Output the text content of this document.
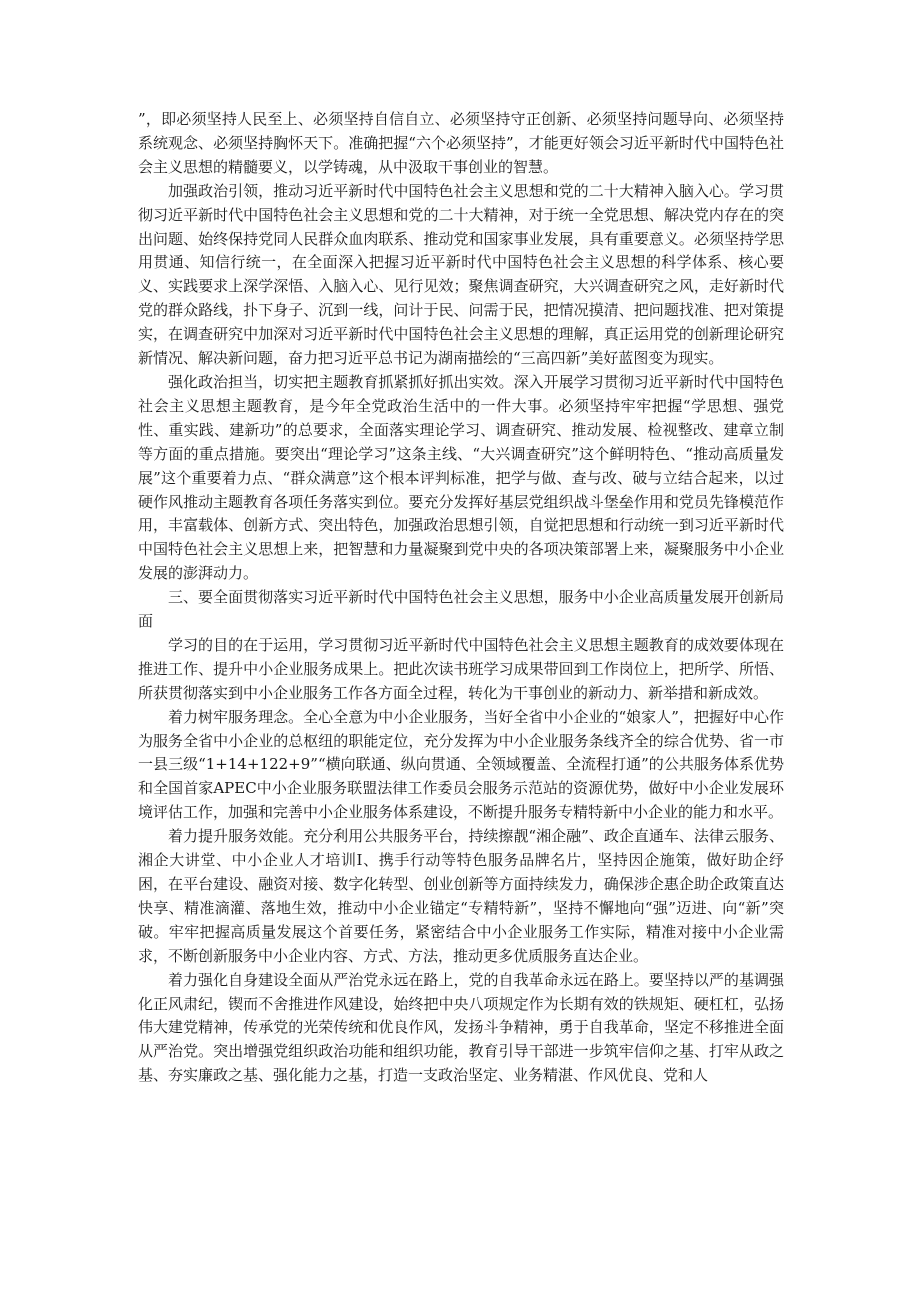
”，即必须坚持人民至上、必须坚持自信自立、必须坚持守正创新、必须坚持问题导向、必须坚持系统观念、必须坚持胸怀天下。准确把握“六个必须坚持”，才能更好领会习近平新时代中国特色社会主义思想的精髓要义，以学铸魂，从中汲取干事创业的智慧。

加强政治引领，推动习近平新时代中国特色社会主义思想和党的二十大精神入脑入心。学习贯彻习近平新时代中国特色社会主义思想和党的二十大精神，对于统一全党思想、解决党内存在的突出问题、始终保持党同人民群众血肉联系、推动党和国家事业发展，具有重要意义。必须坚持学思用贯通、知信行统一，在全面深入把握习近平新时代中国特色社会主义思想的科学体系、核心要义、实践要求上深学深悟、入脑入心、见行见效；聚焦调查研究，大兴调查研究之风，走好新时代党的群众路线，扑下身子、沉到一线，问计于民、问需于民，把情况摸清、把问题找准、把对策提实，在调查研究中加深对习近平新时代中国特色社会主义思想的理解，真正运用党的创新理论研究新情况、解决新问题，奋力把习近平总书记为湖南描绘的“三高四新”美好蓝图变为现实。

强化政治担当，切实把主题教育抓紧抓好抓出实效。深入开展学习贯彻习近平新时代中国特色社会主义思想主题教育，是今年全党政治生活中的一件大事。必须坚持牢牢把握“学思想、强党性、重实践、建新功”的总要求，全面落实理论学习、调查研究、推动发展、检视整改、建章立制等方面的重点措施。要突出“理论学习”这条主线、“大兴调查研究”这个鲜明特色、“推动高质量发展”这个重要着力点、“群众满意”这个根本评判标准，把学与做、查与改、破与立结合起来，以过硬作风推动主题教育各项任务落实到位。要充分发挥好基层党组织战斗堡垒作用和党员先锋模范作用，丰富载体、创新方式、突出特色，加强政治思想引领，自觉把思想和行动统一到习近平新时代中国特色社会主义思想上来，把智慧和力量凝聚到党中央的各项决策部署上来，凝聚服务中小企业发展的澎湃动力。

三、要全面贯彻落实习近平新时代中国特色社会主义思想，服务中小企业高质量发展开创新局面

学习的目的在于运用，学习贯彻习近平新时代中国特色社会主义思想主题教育的成效要体现在推进工作、提升中小企业服务成果上。把此次读书班学习成果带回到工作岗位上，把所学、所悟、所获贯彻落实到中小企业服务工作各方面全过程，转化为干事创业的新动力、新举措和新成效。

着力树牢服务理念。全心全意为中小企业服务，当好全省中小企业的“娘家人”，把握好中心作为服务全省中小企业的总枢纽的职能定位，充分发挥为中小企业服务条线齐全的综合优势、省一市一县三级“1+14+122+9”“横向联通、纵向贯通、全领域覆盖、全流程打通”的公共服务体系优势和全国首家APEC中小企业服务联盟法律工作委员会服务示范站的资源优势，做好中小企业发展环境评估工作，加强和完善中小企业服务体系建设，不断提升服务专精特新中小企业的能力和水平。

着力提升服务效能。充分利用公共服务平台，持续擦靓“湘企融”、政企直通车、法律云服务、湘企大讲堂、中小企业人才培训Ⅰ、携手行动等特色服务品牌名片，坚持因企施策，做好助企纾困，在平台建设、融资对接、数字化转型、创业创新等方面持续发力，确保涉企惠企助企政策直达快享、精准滴灌、落地生效，推动中小企业锚定“专精特新”，坚持不懈地向“强”迈进、向“新”突破。牢牢把握高质量发展这个首要任务，紧密结合中小企业服务工作实际，精准对接中小企业需求，不断创新服务中小企业内容、方式、方法，推动更多优质服务直达企业。

着力强化自身建设全面从严治党永远在路上，党的自我革命永远在路上。要坚持以严的基调强化正风肃纪，锲而不舍推进作风建设，始终把中央八项规定作为长期有效的铁规矩、硬杠杠，弘扬伟大建党精神，传承党的光荣传统和优良作风，发扬斗争精神，勇于自我革命，坚定不移推进全面从严治党。突出增强党组织政治功能和组织功能，教育引导干部进一步筑牢信仰之基、打牢从政之基、夯实廉政之基、强化能力之基，打造一支政治坚定、业务精湛、作风优良、党和人
